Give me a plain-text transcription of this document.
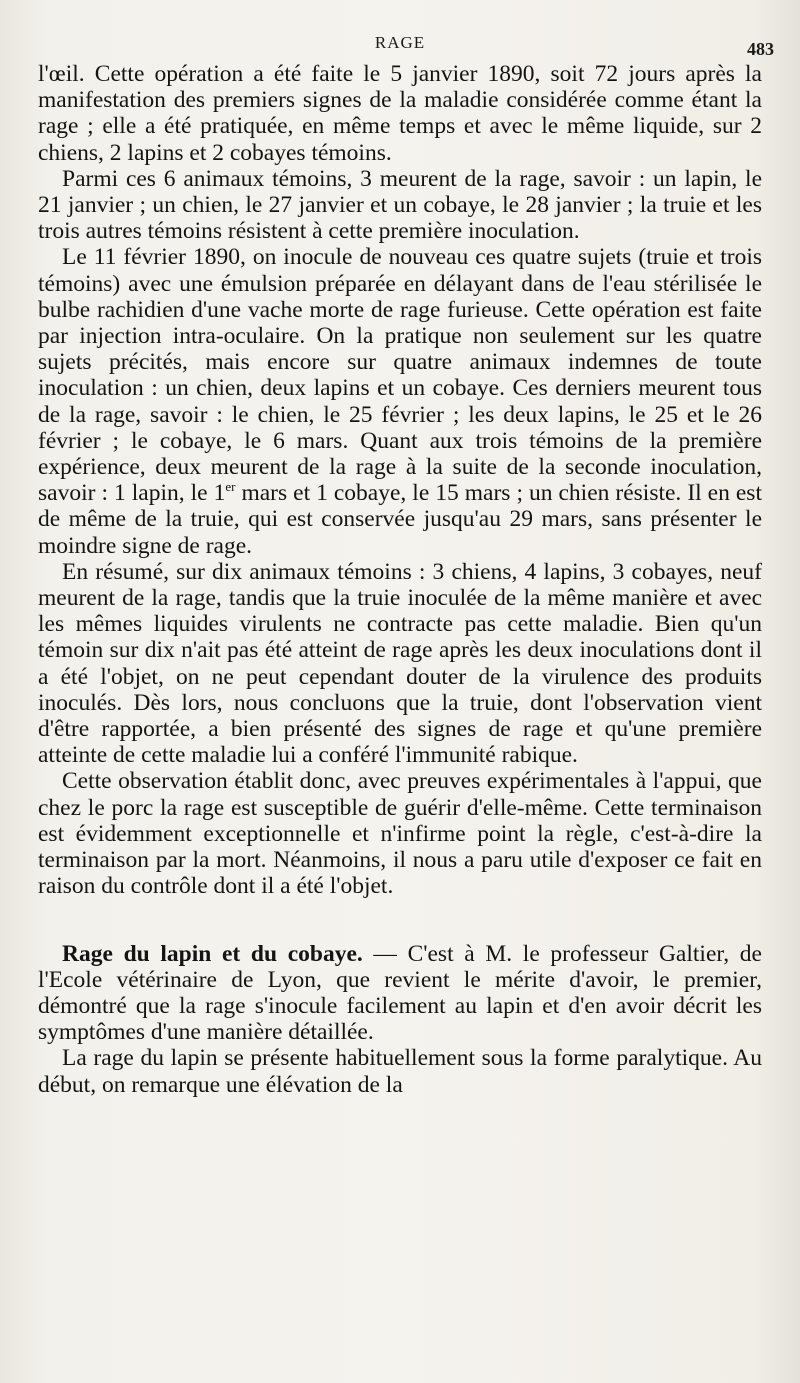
RAGE	483

l'œil. Cette opération a été faite le 5 janvier 1890, soit 72 jours après la manifestation des premiers signes de la maladie considérée comme étant la rage ; elle a été pratiquée, en même temps et avec le même liquide, sur 2 chiens, 2 lapins et 2 cobayes témoins.

Parmi ces 6 animaux témoins, 3 meurent de la rage, savoir : un lapin, le 21 janvier ; un chien, le 27 janvier et un cobaye, le 28 janvier ; la truie et les trois autres témoins résistent à cette première inoculation.

Le 11 février 1890, on inocule de nouveau ces quatre sujets (truie et trois témoins) avec une émulsion préparée en délayant dans de l'eau stérilisée le bulbe rachidien d'une vache morte de rage furieuse. Cette opération est faite par injection intra-oculaire. On la pratique non seulement sur les quatre sujets précités, mais encore sur quatre animaux indemnes de toute inoculation : un chien, deux lapins et un cobaye. Ces derniers meurent tous de la rage, savoir : le chien, le 25 février ; les deux lapins, le 25 et le 26 février ; le cobaye, le 6 mars. Quant aux trois témoins de la première expérience, deux meurent de la rage à la suite de la seconde inoculation, savoir : 1 lapin, le 1er mars et 1 cobaye, le 15 mars ; un chien résiste. Il en est de même de la truie, qui est conservée jusqu'au 29 mars, sans présenter le moindre signe de rage.

En résumé, sur dix animaux témoins : 3 chiens, 4 lapins, 3 cobayes, neuf meurent de la rage, tandis que la truie inoculée de la même manière et avec les mêmes liquides virulents ne contracte pas cette maladie. Bien qu'un témoin sur dix n'ait pas été atteint de rage après les deux inoculations dont il a été l'objet, on ne peut cependant douter de la virulence des produits inoculés. Dès lors, nous concluons que la truie, dont l'observation vient d'être rapportée, a bien présenté des signes de rage et qu'une première atteinte de cette maladie lui a conféré l'immunité rabique.

Cette observation établit donc, avec preuves expérimentales à l'appui, que chez le porc la rage est susceptible de guérir d'elle-même. Cette terminaison est évidemment exceptionnelle et n'infirme point la règle, c'est-à-dire la terminaison par la mort. Néanmoins, il nous a paru utile d'exposer ce fait en raison du contrôle dont il a été l'objet.

Rage du lapin et du cobaye. — C'est à M. le professeur Galtier, de l'Ecole vétérinaire de Lyon, que revient le mérite d'avoir, le premier, démontré que la rage s'inocule facilement au lapin et d'en avoir décrit les symptômes d'une manière détaillée.

La rage du lapin se présente habituellement sous la forme paralytique. Au début, on remarque une élévation de la
